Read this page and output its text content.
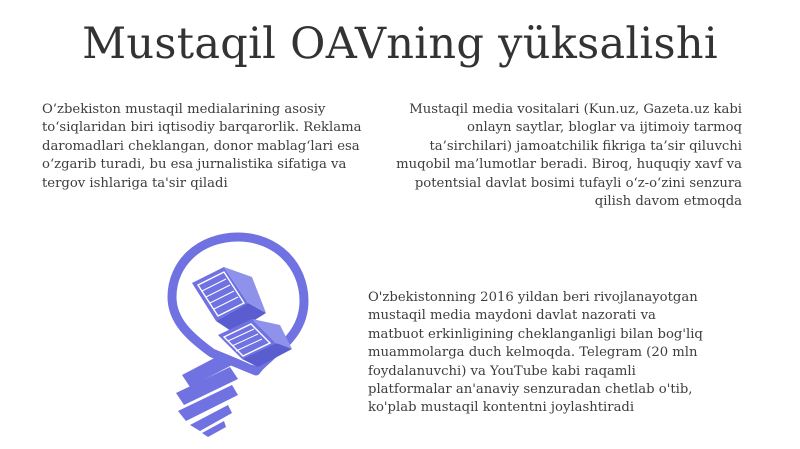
Mustaqil OAVning yüksalishi
O‘zbekiston mustaqil medialarining asosiy to‘siqlaridan biri iqtisodiy barqarorlik. Reklama daromadlari cheklangan, donor mablag‘lari esa o‘zgarib turadi, bu esa jurnalistika sifatiga va tergov ishlariga ta'sir qiladi
Mustaqil media vositalari (Kun.uz, Gazeta.uz kabi onlayn saytlar, bloglar va ijtimoiy tarmoq ta’sirchilari) jamoatchilik fikriga ta’sir qiluvchi muqobil ma’lumotlar beradi. Biroq, huquqiy xavf va potentsial davlat bosimi tufayli o‘z-o‘zini senzura qilish davom etmoqda
O'zbekistonning 2016 yildan beri rivojlanayotgan mustaqil media maydoni davlat nazorati va matbuot erkinligining cheklanganligi bilan bog'liq muammolarga duch kelmoqda. Telegram (20 mln foydalanuvchi) va YouTube kabi raqamli platformalar an'anaviy senzuradan chetlab o'tib, ko'plab mustaqil kontentni joylashtiradi
